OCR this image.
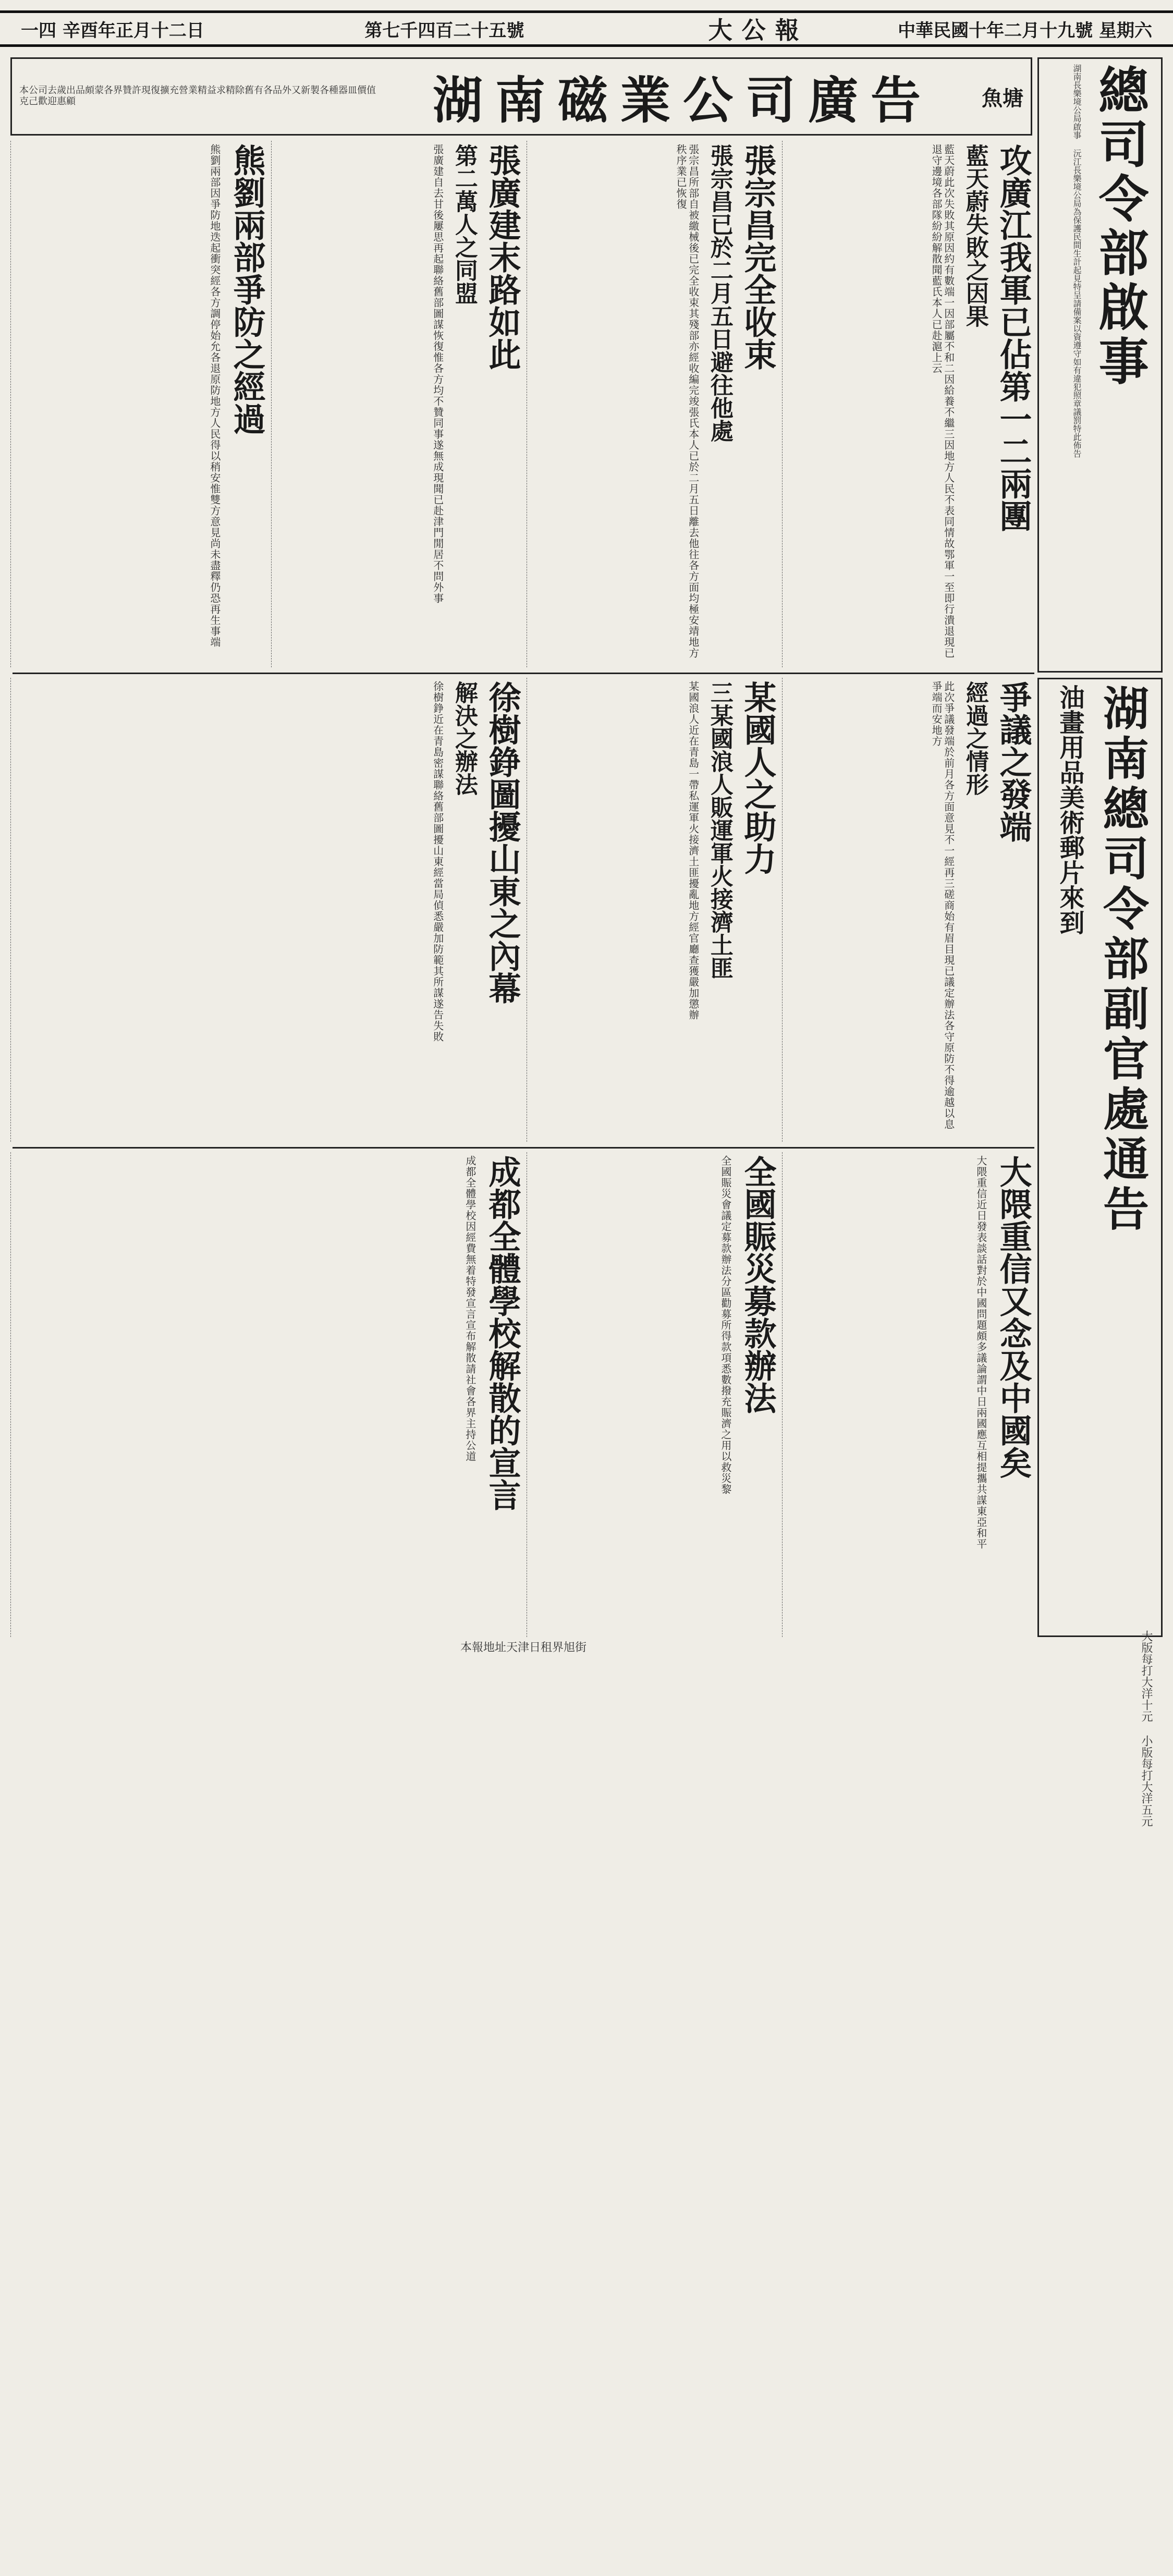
一四 辛酉年正月十二日	第七千四百二十五號	大公報	中華民國十年二月十九號 星期六
總司令部啟事
湖南長樂境公局啟事 沅江長樂境公局為保護民間生計起見特呈請備案以資遵守如有違犯照章議罰特此佈告
本公司去歲出品頗蒙各界贊許現復擴充營業精益求精除舊有各品外又新製各種器皿價值克己歡迎惠顧	湖南磁業公司廣告	魚塘
湖南總司令部副官處通告
油畫用品美術郵片來到
大版每打大洋十元 小版每打大洋五元
攻廣江我軍已佔第一二兩團
藍天蔚失敗之因果
藍天蔚此次失敗其原因約有數端一因部屬不和二因給養不繼三因地方人民不表同情故鄂軍一至即行潰退現已退守邊境各部隊紛紛解散聞藍氏本人已赴滬上云
張宗昌完全收束
張宗昌已於二月五日避往他處
張宗昌所部自被繳械後已完全收束其殘部亦經收編完竣張氏本人已於二月五日離去他往各方面均極安靖地方秩序業已恢復
張廣建末路如此
第二萬人之同盟
張廣建自去甘後屢思再起聯絡舊部圖謀恢復惟各方均不贊同事遂無成現聞已赴津門閒居不問外事
熊劉兩部爭防之經過
熊劉兩部因爭防地迭起衝突經各方調停始允各退原防地方人民得以稍安惟雙方意見尚未盡釋仍恐再生事端
爭議之發端
經過之情形
此次爭議發端於前月各方面意見不一經再三磋商始有眉目現已議定辦法各守原防不得逾越以息爭端而安地方
某國人之助力
三某國浪人販運軍火接濟土匪
某國浪人近在青島一帶私運軍火接濟土匪擾亂地方經官廳查獲嚴加懲辦
徐樹錚圖擾山東之內幕
解決之辦法
徐樹錚近在青島密謀聯絡舊部圖擾山東經當局偵悉嚴加防範其所謀遂告失敗
大隈重信又念及中國矣
大隈重信近日發表談話對於中國問題頗多議論謂中日兩國應互相提攜共謀東亞和平
全國賑災募款辦法
全國賑災會議定募款辦法分區勸募所得款項悉數撥充賑濟之用以救災黎
成都全體學校解散的宣言
成都全體學校因經費無着特發宣言宣布解散請社會各界主持公道
本報地址天津日租界旭街
